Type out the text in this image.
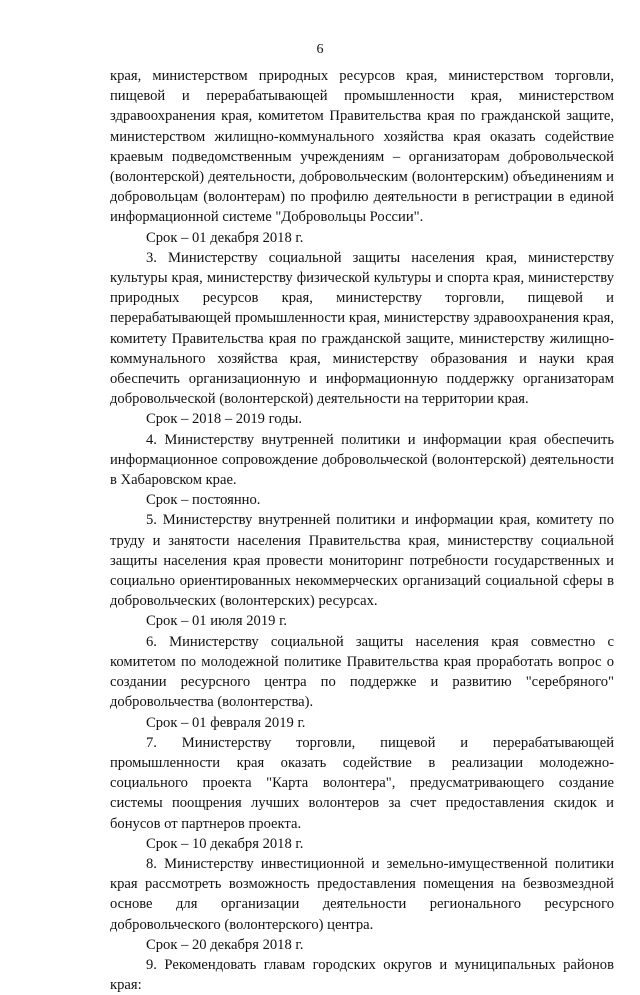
6

края, министерством природных ресурсов края, министерством торговли, пищевой и перерабатывающей промышленности края, министерством здравоохранения края, комитетом Правительства края по гражданской защите, министерством жилищно-коммунального хозяйства края оказать содействие краевым подведомственным учреждениям – организаторам добровольческой (волонтерской) деятельности, добровольческим (волонтерским) объединениям и добровольцам (волонтерам) по профилю деятельности в регистрации в единой информационной системе "Добровольцы России".

Срок – 01 декабря 2018 г.

3. Министерству социальной защиты населения края, министерству культуры края, министерству физической культуры и спорта края, министерству природных ресурсов края, министерству торговли, пищевой и перерабатывающей промышленности края, министерству здравоохранения края, комитету Правительства края по гражданской защите, министерству жилищно-коммунального хозяйства края, министерству образования и науки края обеспечить организационную и информационную поддержку организаторам добровольческой (волонтерской) деятельности на территории края.

Срок – 2018 – 2019 годы.

4. Министерству внутренней политики и информации края обеспечить информационное сопровождение добровольческой (волонтерской) деятельности в Хабаровском крае.

Срок – постоянно.

5. Министерству внутренней политики и информации края, комитету по труду и занятости населения Правительства края, министерству социальной защиты населения края провести мониторинг потребности государственных и социально ориентированных некоммерческих организаций социальной сферы в добровольческих (волонтерских) ресурсах.

Срок – 01 июля 2019 г.

6. Министерству социальной защиты населения края совместно с комитетом по молодежной политике Правительства края проработать вопрос о создании ресурсного центра по поддержке и развитию "серебряного" добровольчества (волонтерства).

Срок – 01 февраля 2019 г.

7. Министерству торговли, пищевой и перерабатывающей промышленности края оказать содействие в реализации молодежно-социального проекта "Карта волонтера", предусматривающего создание системы поощрения лучших волонтеров за счет предоставления скидок и бонусов от партнеров проекта.

Срок – 10 декабря 2018 г.

8. Министерству инвестиционной и земельно-имущественной политики края рассмотреть возможность предоставления помещения на безвозмездной основе для организации деятельности регионального ресурсного добровольческого (волонтерского) центра.

Срок – 20 декабря 2018 г.

9. Рекомендовать главам городских округов и муниципальных районов края:
